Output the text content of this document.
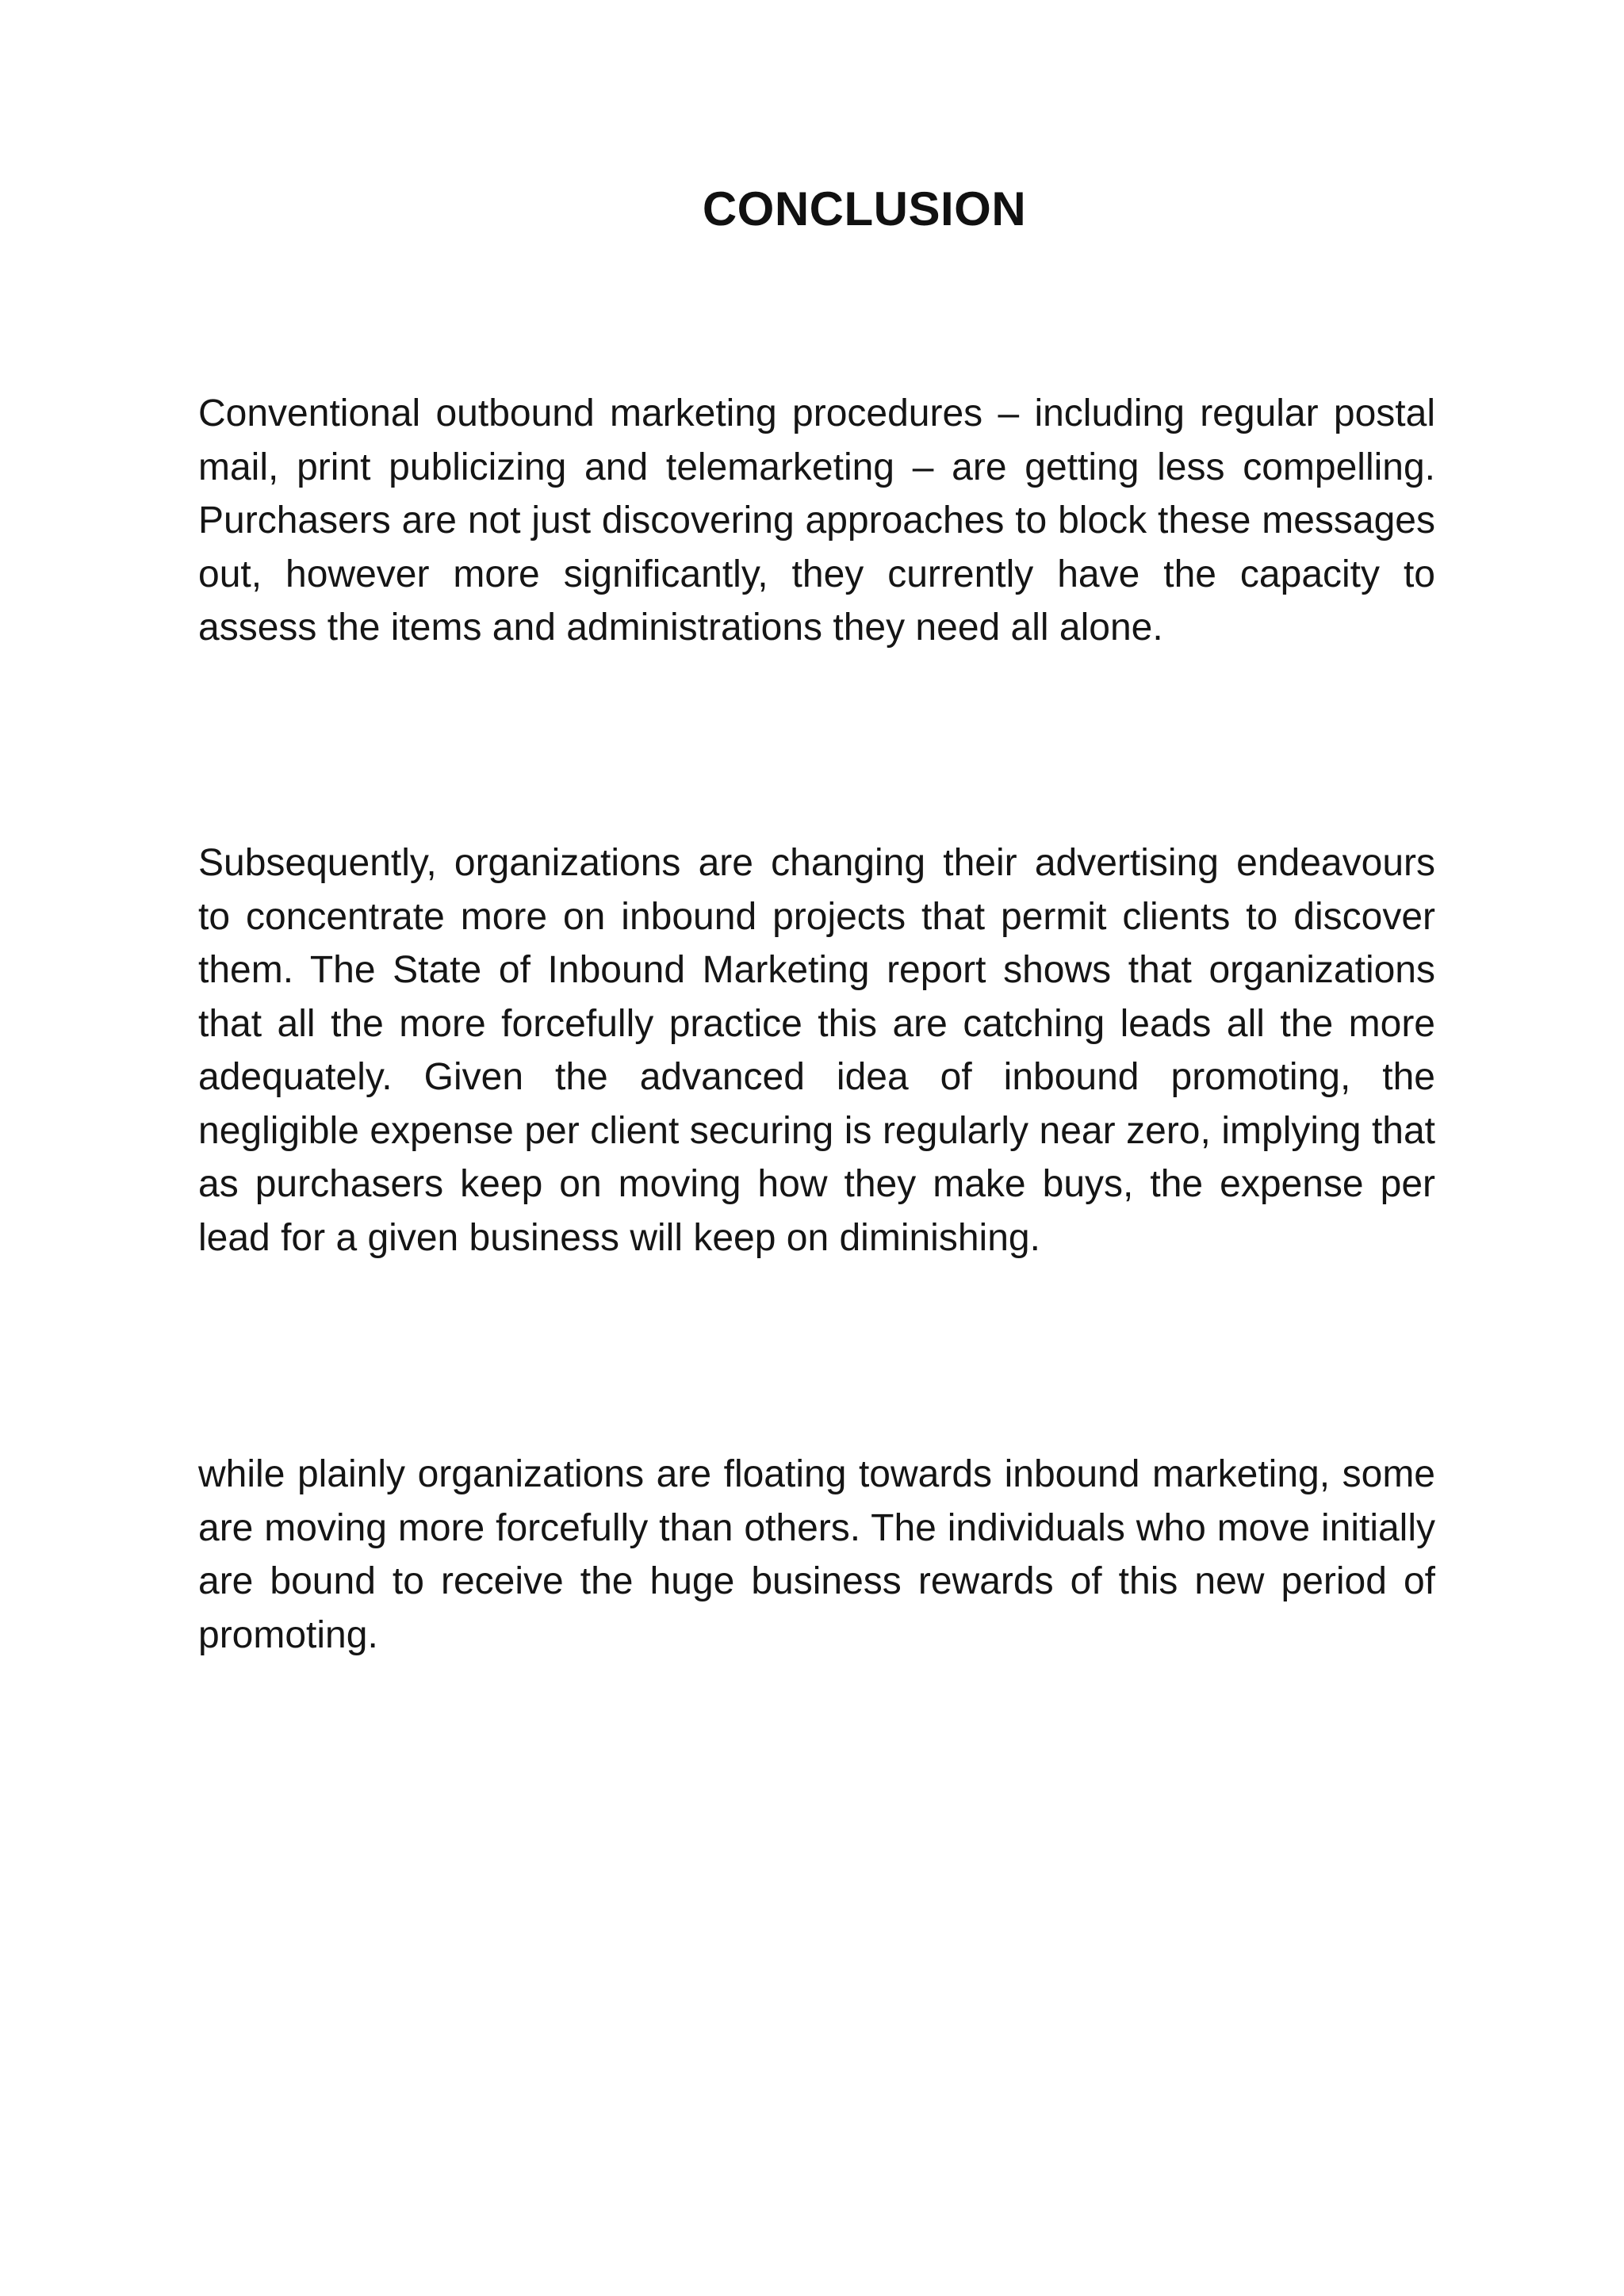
CONCLUSION

Conventional outbound marketing procedures – including regular postal mail, print publicizing and telemarketing – are getting less compelling. Purchasers are not just discovering approaches to block these messages out, however more significantly, they currently have the capacity to assess the items and administrations they need all alone.

Subsequently, organizations are changing their advertising endeavours to concentrate more on inbound projects that permit clients to discover them. The State of Inbound Marketing report shows that organizations that all the more forcefully practice this are catching leads all the more adequately. Given the advanced idea of inbound promoting, the negligible expense per client securing is regularly near zero, implying that as purchasers keep on moving how they make buys, the expense per lead for a given business will keep on diminishing.

while plainly organizations are floating towards inbound marketing, some are moving more forcefully than others. The individuals who move initially are bound to receive the huge business rewards of this new period of promoting.
